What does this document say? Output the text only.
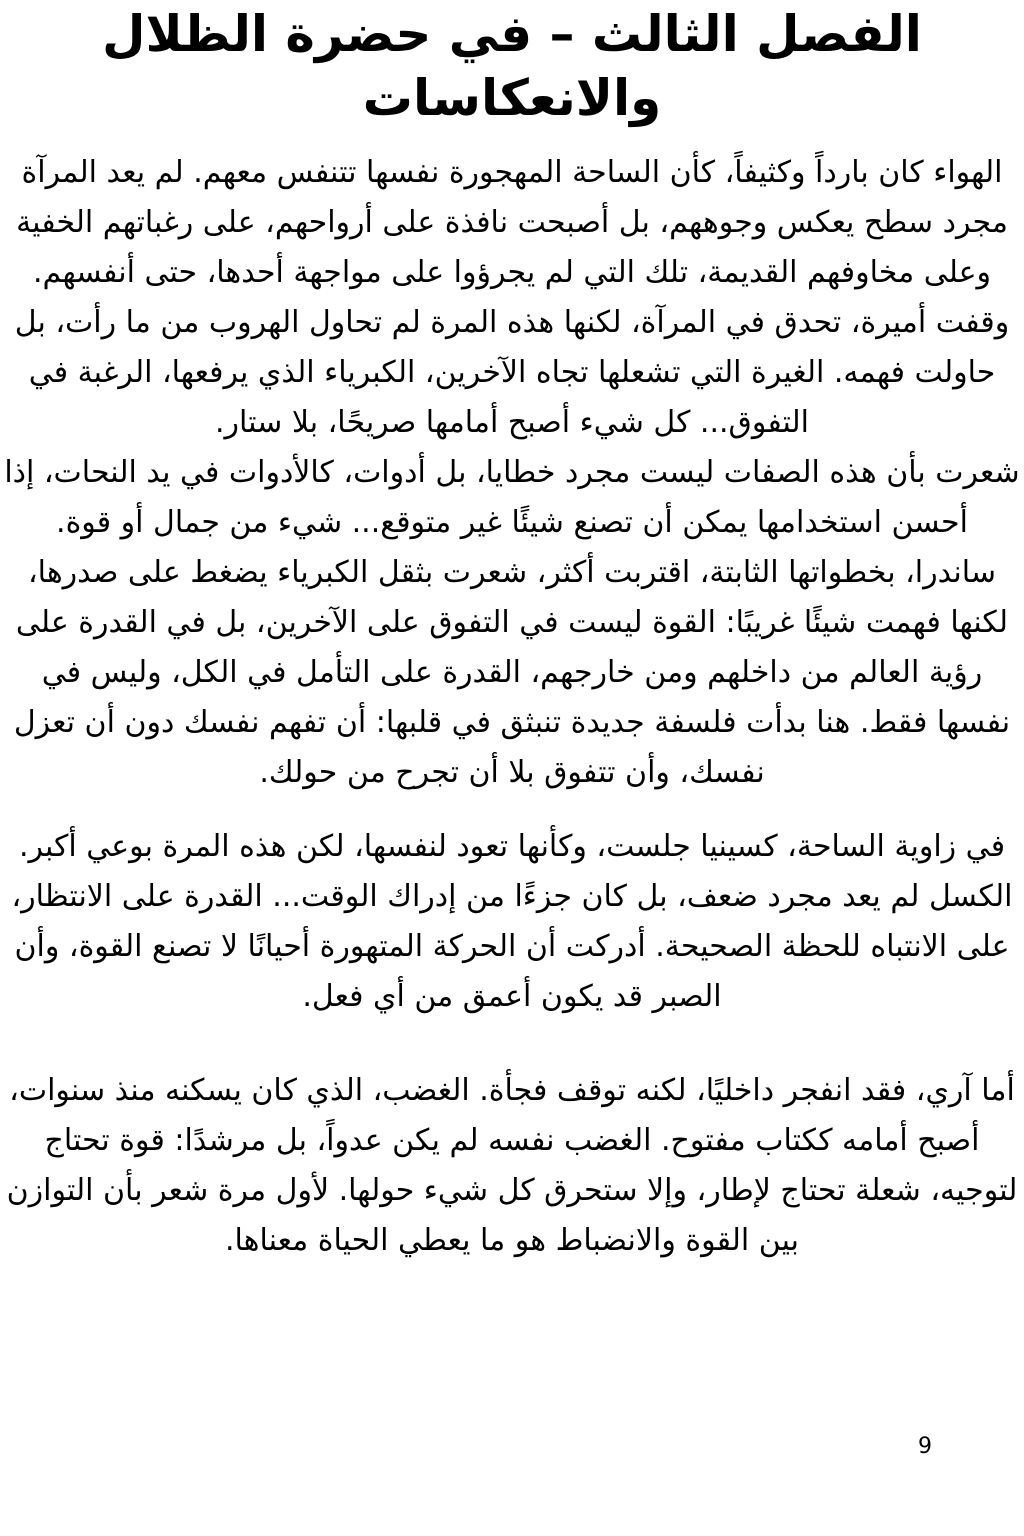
الفصل الثالث – في حضرة الظلال والانعكاسات

الهواء كان بارداً وكثيفاً، كأن الساحة المهجورة نفسها تتنفس معهم. لم يعد المرآة مجرد سطح يعكس وجوههم، بل أصبحت نافذة على أرواحهم، على رغباتهم الخفية وعلى مخاوفهم القديمة، تلك التي لم يجرؤوا على مواجهة أحدها، حتى أنفسهم.

وقفت أميرة، تحدق في المرآة، لكنها هذه المرة لم تحاول الهروب من ما رأت، بل حاولت فهمه. الغيرة التي تشعلها تجاه الآخرين، الكبرياء الذي يرفعها، الرغبة في التفوق... كل شيء أصبح أمامها صريحًا، بلا ستار.

شعرت بأن هذه الصفات ليست مجرد خطايا، بل أدوات، كالأدوات في يد النحات، إذا أحسن استخدامها يمكن أن تصنع شيئًا غير متوقع... شيء من جمال أو قوة.

ساندرا، بخطواتها الثابتة، اقتربت أكثر، شعرت بثقل الكبرياء يضغط على صدرها، لكنها فهمت شيئًا غريبًا: القوة ليست في التفوق على الآخرين، بل في القدرة على رؤية العالم من داخلهم ومن خارجهم، القدرة على التأمل في الكل، وليس في نفسها فقط. هنا بدأت فلسفة جديدة تنبثق في قلبها: أن تفهم نفسك دون أن تعزل نفسك، وأن تتفوق بلا أن تجرح من حولك.

في زاوية الساحة، كسينيا جلست، وكأنها تعود لنفسها، لكن هذه المرة بوعي أكبر. الكسل لم يعد مجرد ضعف، بل كان جزءًا من إدراك الوقت... القدرة على الانتظار، على الانتباه للحظة الصحيحة. أدركت أن الحركة المتهورة أحيانًا لا تصنع القوة، وأن الصبر قد يكون أعمق من أي فعل.

أما آري، فقد انفجر داخليًا، لكنه توقف فجأة. الغضب، الذي كان يسكنه منذ سنوات، أصبح أمامه ككتاب مفتوح. الغضب نفسه لم يكن عدواً، بل مرشدًا: قوة تحتاج لتوجيه، شعلة تحتاج لإطار، وإلا ستحرق كل شيء حولها. لأول مرة شعر بأن التوازن بين القوة والانضباط هو ما يعطي الحياة معناها.

9
